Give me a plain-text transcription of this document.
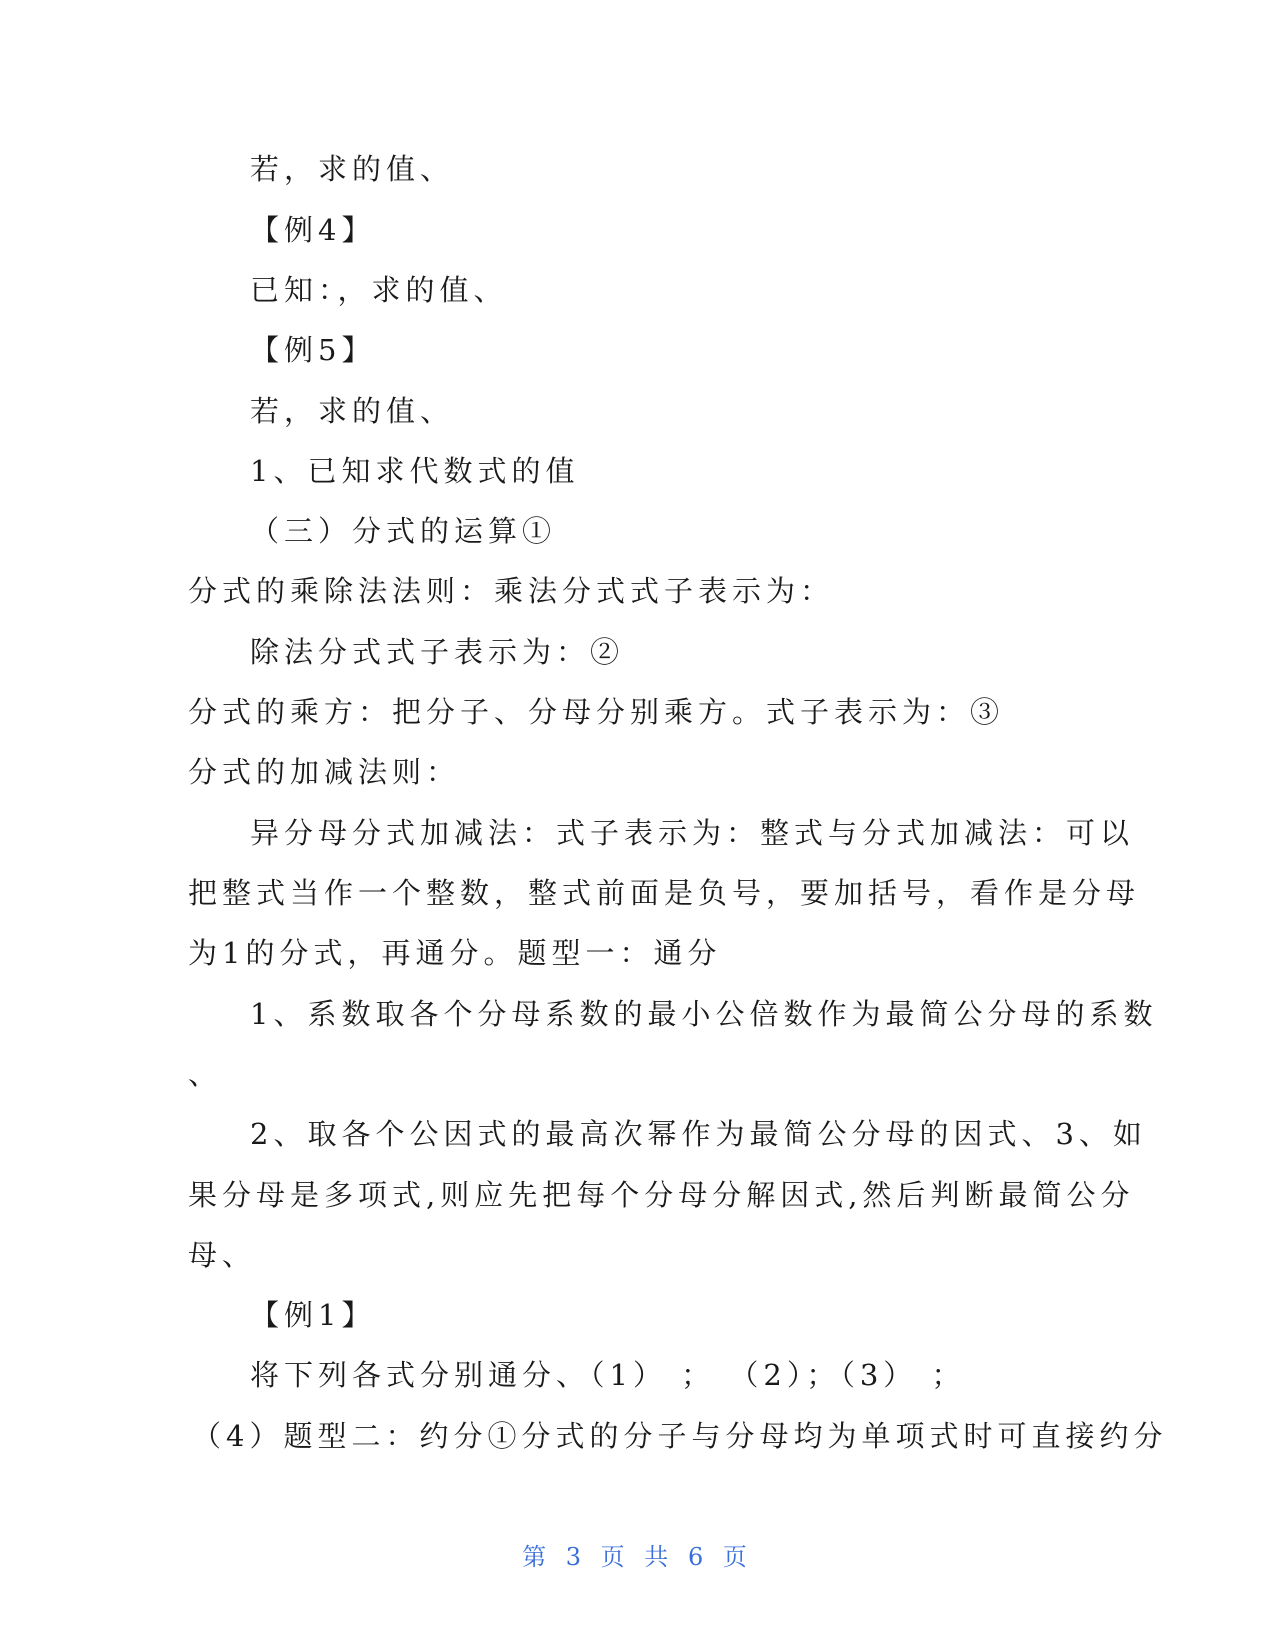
若，求的值、
【例4】
已知：，求的值、
【例5】
若，求的值、
1、已知求代数式的值
（三）分式的运算①
分式的乘除法法则：乘法分式式子表示为：
除法分式式子表示为：②
分式的乘方：把分子、分母分别乘方。式子表示为：③
分式的加减法则：
异分母分式加减法：式子表示为：整式与分式加减法：可以
把整式当作一个整数，整式前面是负号，要加括号，看作是分母
为1的分式，再通分。题型一：通分
1、系数取各个分母系数的最小公倍数作为最简公分母的系数
、
2、取各个公因式的最高次幂作为最简公分母的因式、3、如
果分母是多项式,则应先把每个分母分解因式,然后判断最简公分
母、
【例1】
将下列各式分别通分、（1） ； （2）；（3） ；
（4）题型二：约分①分式的分子与分母均为单项式时可直接约分
第 3 页 共 6 页
